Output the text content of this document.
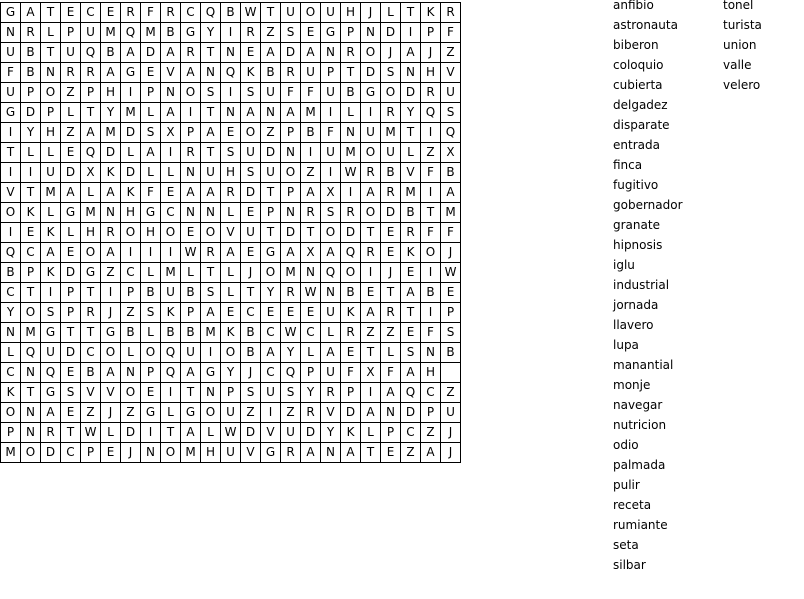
G	A	T	E	C	E	R	F	R	C	Q	B	W	T	U	O	U	H	J	L	T	K	R
N	R	L	P	U	M	Q	M	B	G	Y	I	R	Z	S	E	G	P	N	D	I	P	F
U	B	T	U	Q	B	A	D	A	R	T	N	E	A	D	A	N	R	O	J	A	J	Z
F	B	N	R	R	A	G	E	V	A	N	Q	K	B	R	U	P	T	D	S	N	H	V
U	P	O	Z	P	H	I	P	N	O	S	I	S	U	F	F	U	B	G	O	D	R	U
G	D	P	L	T	Y	M	L	A	I	T	N	A	N	A	M	I	L	I	R	Y	Q	S
I	Y	H	Z	A	M	D	S	X	P	A	E	O	Z	P	B	F	N	U	M	T	I	Q
T	L	L	E	Q	D	L	A	I	R	T	S	U	D	N	I	U	M	O	U	L	Z	X
I	I	U	D	X	K	D	L	L	N	U	H	S	U	O	Z	I	W	R	B	V	F	B
V	T	M	A	L	A	K	F	E	A	A	R	D	T	P	A	X	I	A	R	M	I	A
O	K	L	G	M	N	H	G	C	N	N	L	E	P	N	R	S	R	O	D	B	T	M
I	E	K	L	H	R	O	H	O	E	O	V	U	T	D	T	O	D	T	E	R	F	F
Q	C	A	E	O	A	I	I	I	W	R	A	E	G	A	X	A	Q	R	E	K	O	J
B	P	K	D	G	Z	C	L	M	L	T	L	J	O	M	N	Q	O	I	J	E	I	W
C	T	I	P	T	I	P	B	U	B	S	L	T	Y	R	W	N	B	E	T	A	B	E
Y	O	S	P	R	J	Z	S	K	P	A	E	C	E	E	E	U	K	A	R	T	I	P
N	M	G	T	T	G	B	L	B	B	M	K	B	C	W	C	L	R	Z	Z	E	F	S
L	Q	U	D	C	O	L	O	Q	U	I	O	B	A	Y	L	A	E	T	L	S	N	B
C	N	Q	E	B	A	N	P	Q	A	G	Y	J	C	Q	P	U	F	X	F	A	H	
K	T	G	S	V	V	O	E	I	T	N	P	S	U	S	Y	R	P	I	A	Q	C	Z
O	N	A	E	Z	J	Z	G	L	G	O	U	Z	I	Z	R	V	D	A	N	D	P	U
P	N	R	T	W	L	D	I	T	A	L	W	D	V	U	D	Y	K	L	P	C	Z	J
M	O	D	C	P	E	J	N	O	M	H	U	V	G	R	A	N	A	T	E	Z	A	J
anfibio
astronauta
biberon
coloquio
cubierta
delgadez
disparate
entrada
finca
fugitivo
gobernador
granate
hipnosis
iglu
industrial
jornada
llavero
lupa
manantial
monje
navegar
nutricion
odio
palmada
pulir
receta
rumiante
seta
silbar
tonel
turista
union
valle
velero
